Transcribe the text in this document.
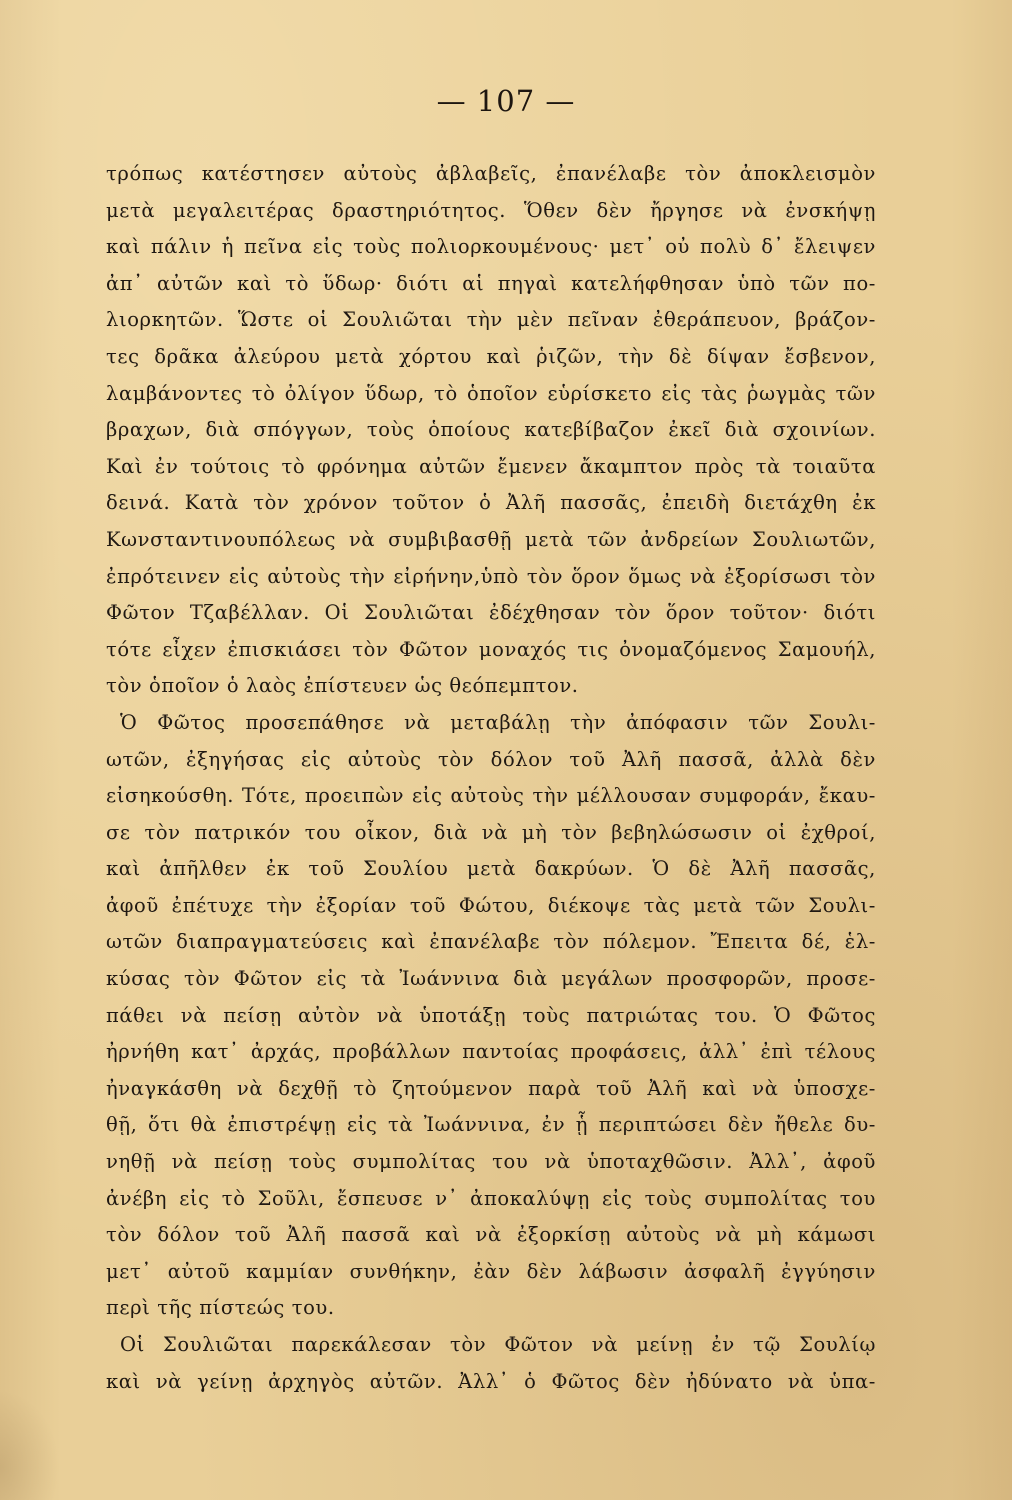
— 107 —
τρόπως κατέστησεν αὐτοὺς ἀβλαβεῖς, ἐπανέλαβε τὸν ἀποκλεισμὸν
μετὰ μεγαλειτέρας δραστηριότητος. Ὅθεν δὲν ἤργησε νὰ ἐνσκήψῃ
καὶ πάλιν ἡ πεῖνα εἰς τοὺς πολιορκουμένους· μετ᾽ οὐ πολὺ δ᾽ ἔλειψεν
ἀπ᾽ αὐτῶν καὶ τὸ ὕδωρ· διότι αἱ πηγαὶ κατελήφθησαν ὑπὸ τῶν πο-
λιορκητῶν. Ὥστε οἱ Σουλιῶται τὴν μὲν πεῖναν ἐθεράπευον, βράζον-
τες δρᾶκα ἀλεύρου μετὰ χόρτου καὶ ῥιζῶν, τὴν δὲ δίψαν ἔσβενον,
λαμβάνοντες τὸ ὀλίγον ὕδωρ, τὸ ὁποῖον εὑρίσκετο εἰς τὰς ῥωγμὰς τῶν
βραχων, διὰ σπόγγων, τοὺς ὁποίους κατεβίβαζον ἐκεῖ διὰ σχοινίων.
Καὶ ἐν τούτοις τὸ φρόνημα αὐτῶν ἔμενεν ἄκαμπτον πρὸς τὰ τοιαῦτα
δεινά. Κατὰ τὸν χρόνον τοῦτον ὁ Ἀλῆ πασσᾶς, ἐπειδὴ διετάχθη ἐκ
Κωνσταντινουπόλεως νὰ συμβιβασθῇ μετὰ τῶν ἀνδρείων Σουλιωτῶν,
ἐπρότεινεν εἰς αὐτοὺς τὴν εἰρήνην,ὑπὸ τὸν ὅρον ὅμως νὰ ἐξορίσωσι τὸν
Φῶτον Τζαβέλλαν. Οἱ Σουλιῶται ἐδέχθησαν τὸν ὅρον τοῦτον· διότι
τότε εἶχεν ἐπισκιάσει τὸν Φῶτον μοναχός τις ὀνομαζόμενος Σαμουήλ,
τὸν ὁποῖον ὁ λαὸς ἐπίστευεν ὡς θεόπεμπτον.
Ὁ Φῶτος προσεπάθησε νὰ μεταβάλῃ τὴν ἀπόφασιν τῶν Σουλι-
ωτῶν, ἐξηγήσας εἰς αὐτοὺς τὸν δόλον τοῦ Ἀλῆ πασσᾶ, ἀλλὰ δὲν
εἰσηκούσθη. Τότε, προειπὼν εἰς αὐτοὺς τὴν μέλλουσαν συμφοράν, ἔκαυ-
σε τὸν πατρικόν του οἶκον, διὰ νὰ μὴ τὸν βεβηλώσωσιν οἱ ἐχθροί,
καὶ ἀπῆλθεν ἐκ τοῦ Σουλίου μετὰ δακρύων. Ὁ δὲ Ἀλῆ πασσᾶς,
ἀφοῦ ἐπέτυχε τὴν ἐξορίαν τοῦ Φώτου, διέκοψε τὰς μετὰ τῶν Σουλι-
ωτῶν διαπραγματεύσεις καὶ ἐπανέλαβε τὸν πόλεμον. Ἔπειτα δέ, ἑλ-
κύσας τὸν Φῶτον εἰς τὰ Ἰωάννινα διὰ μεγάλων προσφορῶν, προσε-
πάθει νὰ πείσῃ αὐτὸν νὰ ὑποτάξῃ τοὺς πατριώτας του. Ὁ Φῶτος
ἠρνήθη κατ᾽ ἀρχάς, προβάλλων παντοίας προφάσεις, ἀλλ᾽ ἐπὶ τέλους
ἠναγκάσθη νὰ δεχθῇ τὸ ζητούμενον παρὰ τοῦ Ἀλῆ καὶ νὰ ὑποσχε-
θῇ, ὅτι θὰ ἐπιστρέψῃ εἰς τὰ Ἰωάννινα, ἐν ᾗ περιπτώσει δὲν ἤθελε δυ-
νηθῇ νὰ πείσῃ τοὺς συμπολίτας του νὰ ὑποταχθῶσιν. Ἀλλ᾽, ἀφοῦ
ἀνέβη εἰς τὸ Σοῦλι, ἔσπευσε ν᾽ ἀποκαλύψῃ εἰς τοὺς συμπολίτας του
τὸν δόλον τοῦ Ἀλῆ πασσᾶ καὶ νὰ ἐξορκίσῃ αὐτοὺς νὰ μὴ κάμωσι
μετ᾽ αὐτοῦ καμμίαν συνθήκην, ἐὰν δὲν λάβωσιν ἀσφαλῆ ἐγγύησιν
περὶ τῆς πίστεώς του.
Οἱ Σουλιῶται παρεκάλεσαν τὸν Φῶτον νὰ μείνῃ ἐν τῷ Σουλίῳ
καὶ νὰ γείνῃ ἀρχηγὸς αὐτῶν. Ἀλλ᾽ ὁ Φῶτος δὲν ἠδύνατο νὰ ὑπα-
